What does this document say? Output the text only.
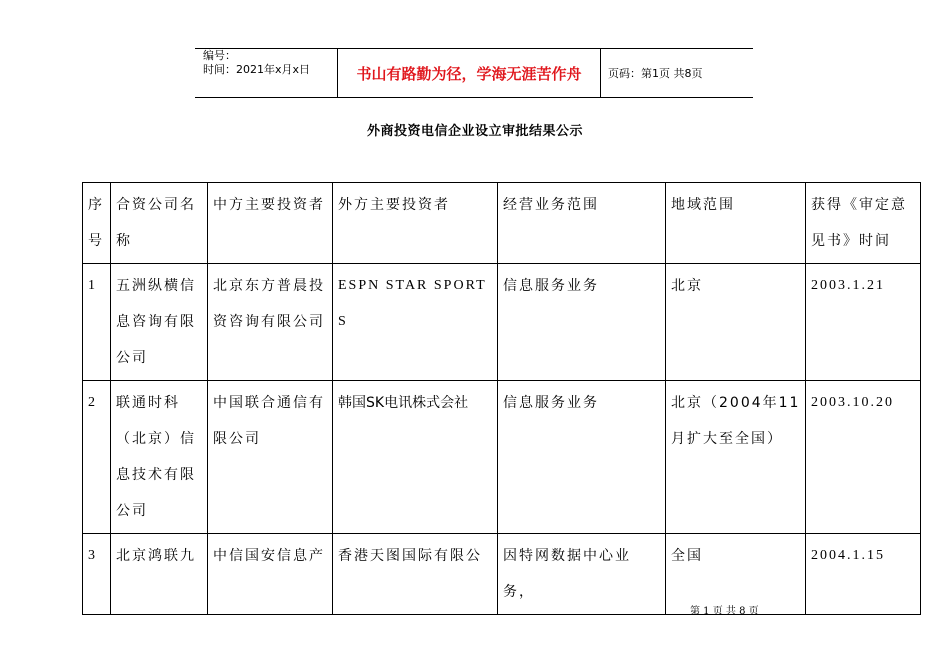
编号：
时间：2021年x月x日	书山有路勤为径，学海无涯苦作舟	页码：第1页 共8页
外商投资电信企业设立审批结果公示
序号	合资公司名称	中方主要投资者	外方主要投资者	经营业务范围	地域范围	获得《审定意见书》时间
1	五洲纵横信息咨询有限公司	北京东方普晨投资咨询有限公司	ESPN STAR SPORTS	信息服务业务	北京	2003.1.21
2	联通时科（北京）信息技术有限公司	中国联合通信有限公司	韩国SK电讯株式会社	信息服务业务	北京（2004年11月扩大至全国）	2003.10.20
3	北京鸿联九	中信国安信息产	香港天图国际有限公	因特网数据中心业务，	全国	2004.1.15
第 1 页 共 8 页
